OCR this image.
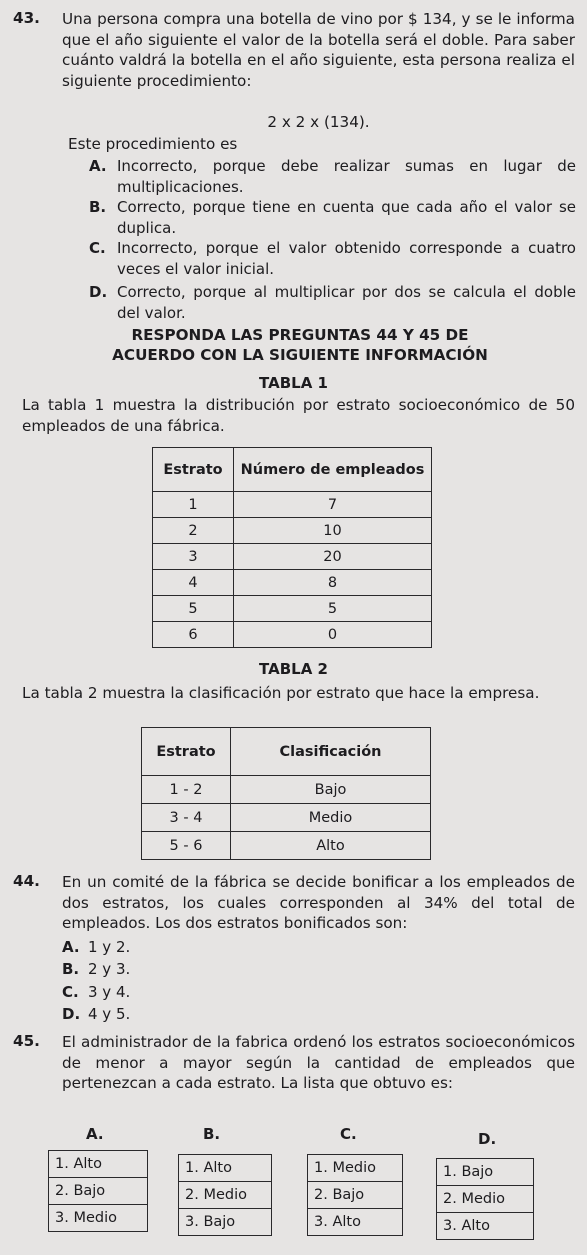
43. Una persona compra una botella de vino por $ 134, y se le informa que el año siguiente el valor de la botella será el doble. Para saber cuánto valdrá la botella en el año siguiente, esta persona realiza el siguiente procedimiento:
2 x 2 x (134).
Este procedimiento es
A. Incorrecto, porque debe realizar sumas en lugar de multiplicaciones.
B. Correcto, porque tiene en cuenta que cada año el valor se duplica.
C. Incorrecto, porque el valor obtenido corresponde a cuatro veces el valor inicial.
D. Correcto, porque al multiplicar por dos se calcula el doble del valor.
RESPONDA LAS PREGUNTAS 44 Y 45 DE
ACUERDO CON LA SIGUIENTE INFORMACIÓN
TABLA 1
La tabla 1 muestra la distribución por estrato socioeconómico de 50 empleados de una fábrica.
Estrato	Número de empleados
1	7
2	10
3	20
4	8
5	5
6	0
TABLA 2
La tabla 2 muestra la clasificación por estrato que hace la empresa.
Estrato	Clasificación
1 - 2	Bajo
3 - 4	Medio
5 - 6	Alto
44. En un comité de la fábrica se decide bonificar a los empleados de dos estratos, los cuales corresponden al 34% del total de empleados. Los dos estratos bonificados son:
A. 1 y 2.
B. 2 y 3.
C. 3 y 4.
D. 4 y 5.
45. El administrador de la fabrica ordenó los estratos socioeconómicos de menor a mayor según la cantidad de empleados que pertenezcan a cada estrato. La lista que obtuvo es:
A.
1. Alto
2. Bajo
3. Medio
B.
1. Alto
2. Medio
3. Bajo
C.
1. Medio
2. Bajo
3. Alto
D.
1. Bajo
2. Medio
3. Alto
